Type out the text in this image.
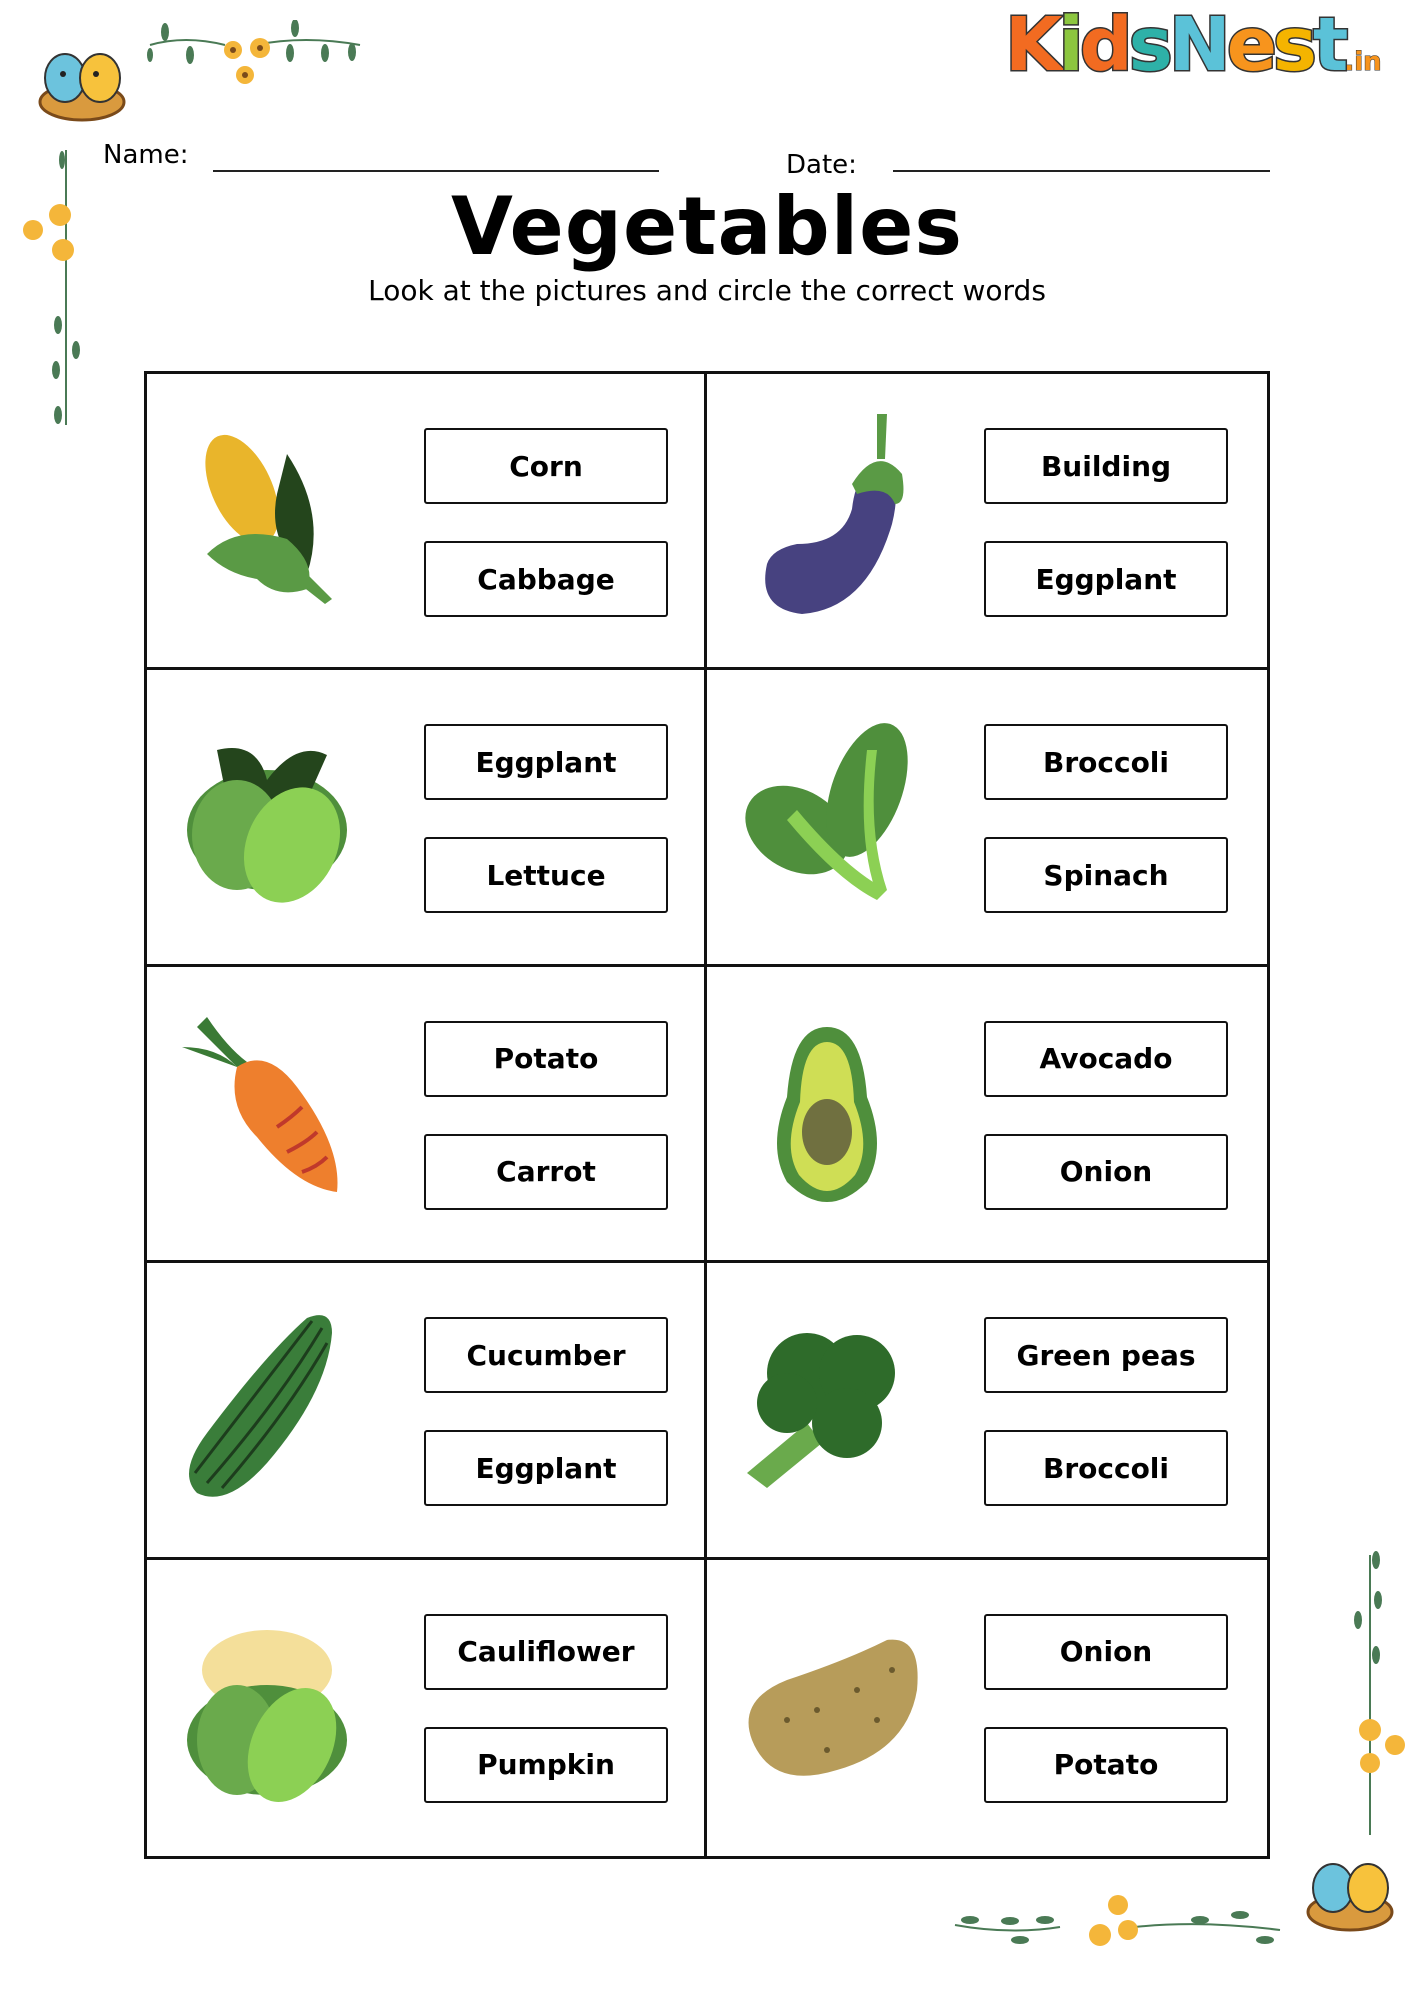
KidsNest.in
Name:	Date:
Vegetables
Look at the pictures and circle the correct words
Corn
Cabbage
Building
Eggplant
Eggplant
Lettuce
Broccoli
Spinach
Potato
Carrot
Avocado
Onion
Cucumber
Eggplant
Green peas
Broccoli
Cauliflower
Pumpkin
Onion
Potato
